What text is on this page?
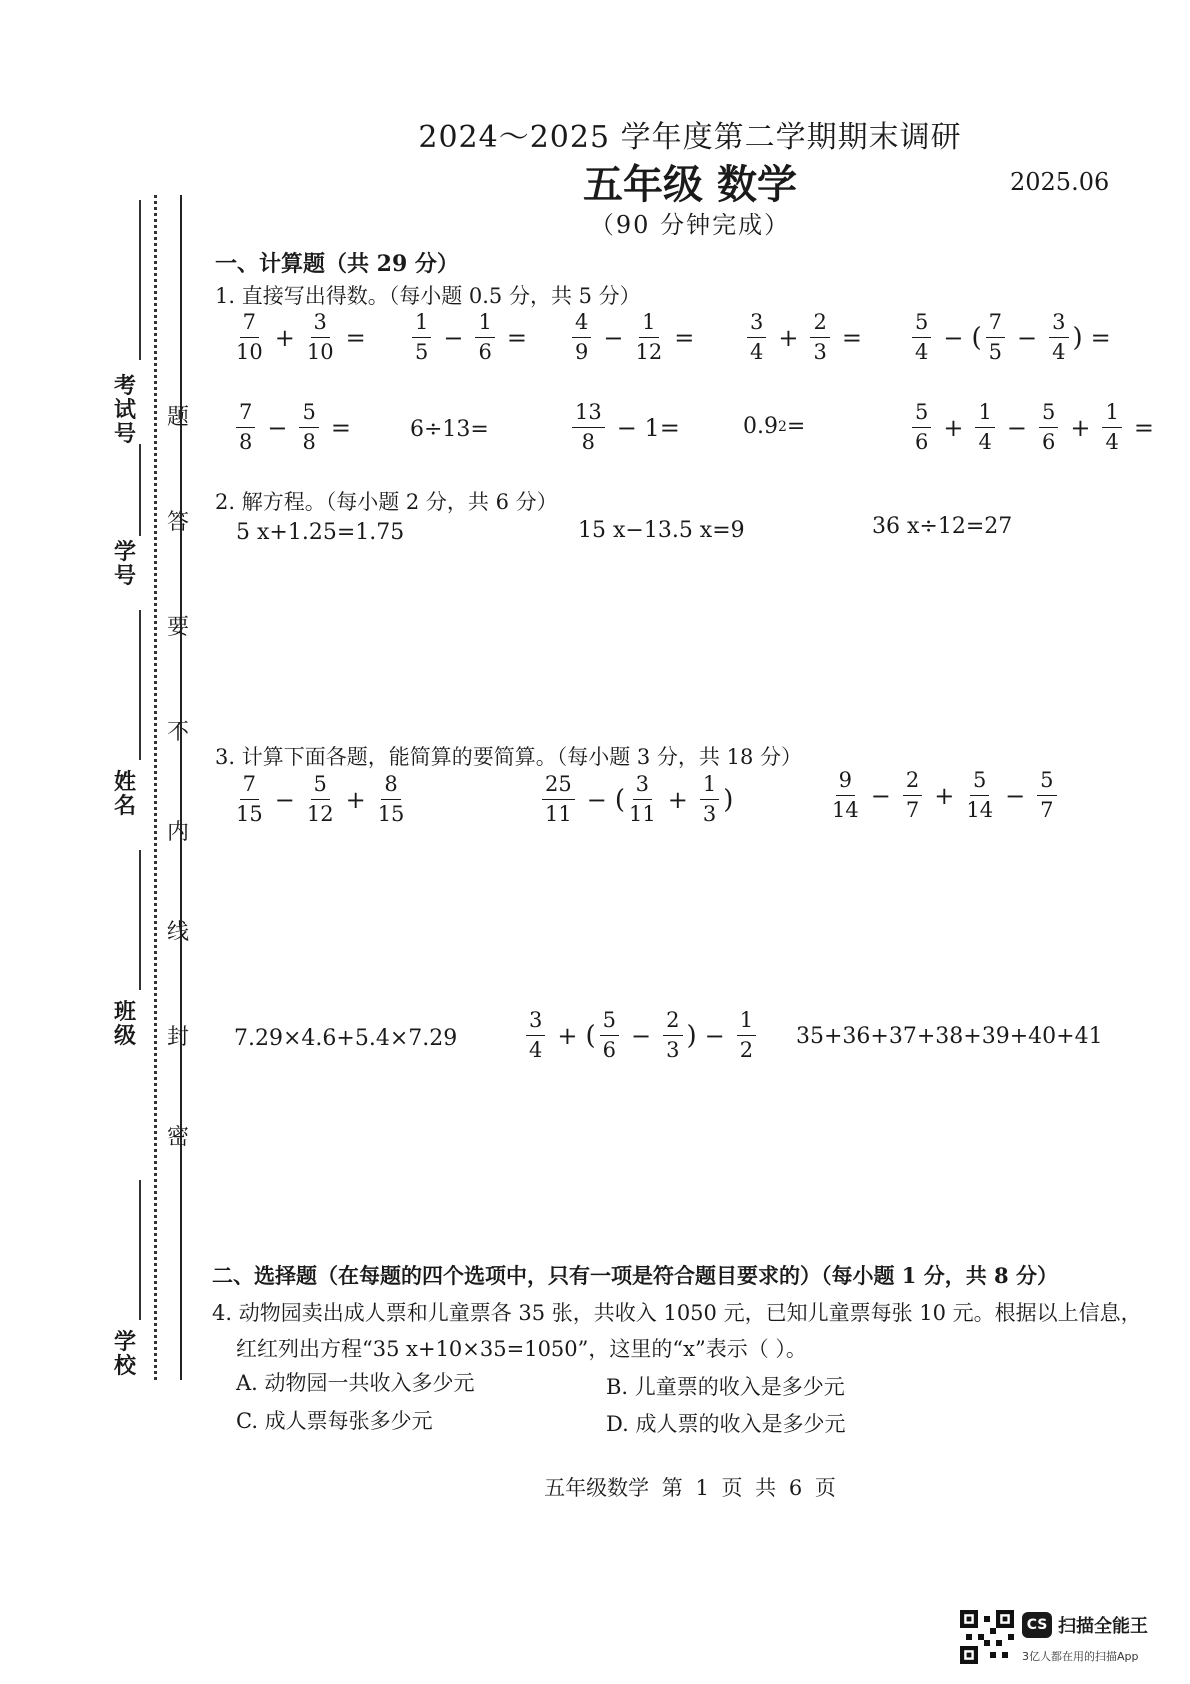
2024～2025 学年度第二学期期末调研
五年级 数学	2025.06
（90 分钟完成）
考试号
学号
姓名
班级
学校
题
答
要
不
内
线
封
密
一、计算题（共 29 分）
1. 直接写出得数。（每小题 0.5 分，共 5 分）
$\frac{7}{10} + \frac{3}{10} = \frac{1}{5} - \frac{1}{6} = \frac{4}{9} - \frac{1}{12}$ =	$\frac{3}{4} + \frac{2}{3} = \frac{5}{4}$ − ( $\frac{7}{5} - \frac{3}{4}$ ) =
$\frac{7}{8} - \frac{5}{8}$ =	6÷13=	$\frac{13}{8} - 1=$	0.9 2 =	$\frac{5}{6} + \frac{1}{4} - \frac{5}{6} + \frac{1}{4}$ =
2. 解方程。（每小题 2 分，共 6 分）
5 x+1.25=1.75	15 x−13.5 x=9	36 x÷12=27
3. 计算下面各题，能简算的要简算。（每小题 3 分，共 18 分）
$\frac{7}{15} - \frac{5}{12} + \frac{8}{15}$	$\frac{25}{11}$ − ( $\frac{3}{11} + \frac{1}{3}$ )	$\frac{9}{14} - \frac{2}{7} + \frac{5}{14} - \frac{5}{7}$
7.29×4.6+5.4×7.29	$\frac{3}{4}$ + ( $\frac{5}{6} - \frac{2}{3}$ ) − $\frac{1}{2} 35+36+37+38+39+40+41$
二、选择题（在每题的四个选项中，只有一项是符合题目要求的）（每小题 1 分，共 8 分）
4. 动物园卖出成人票和儿童票各 35 张，共收入 1050 元，已知儿童票每张 10 元。根据以上信息，
红红列出方程“35 x+10×35=1050”，这里的“x”表示（ ）。
A. 动物园一共收入多少元	B. 儿童票的收入是多少元
C. 成人票每张多少元	D. 成人票的收入是多少元
五年级数学 第 1 页 共 6 页
CS 扫描全能王
3亿人都在用的扫描App
